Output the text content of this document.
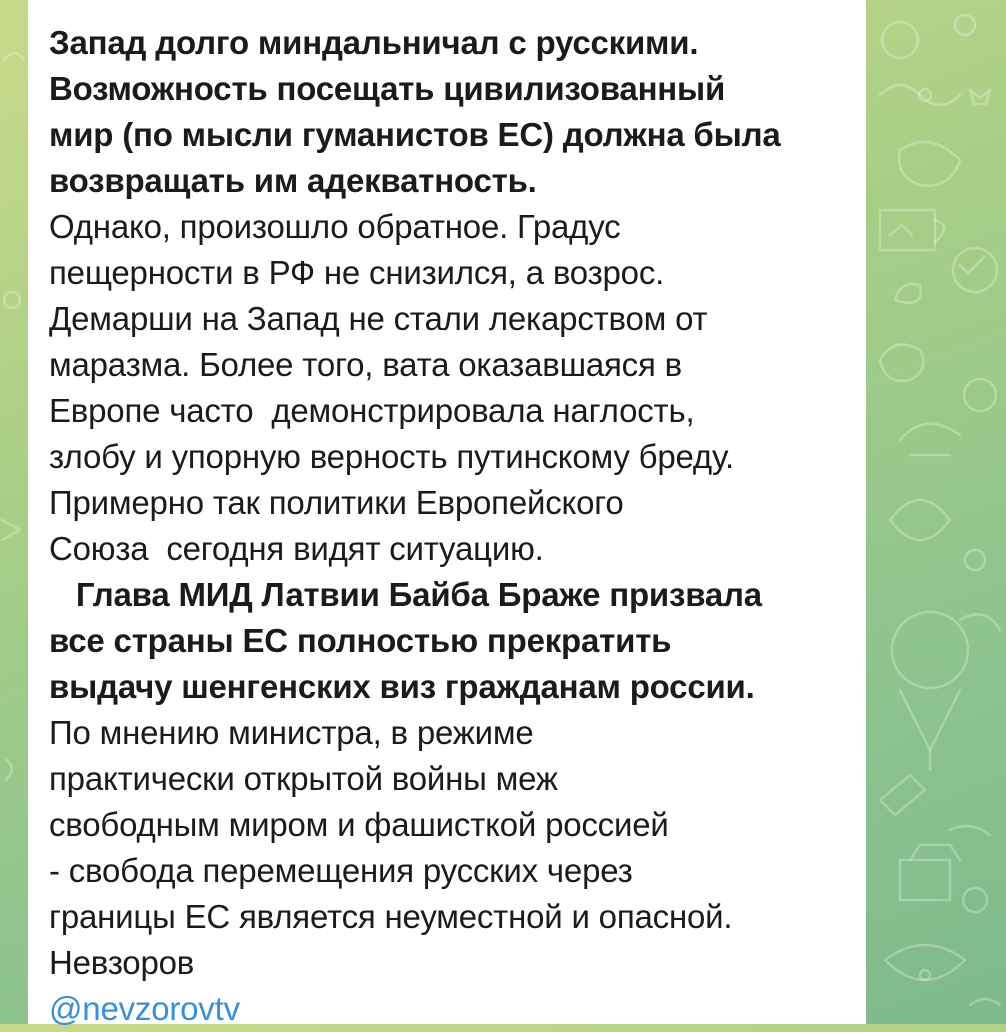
Запад долго миндальничал с русскими.
Возможность посещать цивилизованный
мир (по мысли гуманистов ЕС) должна была
возвращать им адекватность.
Однако, произошло обратное. Градус
пещерности в РФ не снизился, а возрос.
Демарши на Запад не стали лекарством от
маразма. Более того, вата оказавшаяся в
Европе часто  демонстрировала наглость,
злобу и упорную верность путинскому бреду.
Примерно так политики Европейского
Союза  сегодня видят ситуацию.
Глава МИД Латвии Байба Браже призвала
все страны ЕС полностью прекратить
выдачу шенгенских виз гражданам россии.
По мнению министра, в режиме
практически открытой войны меж
свободным миром и фашисткой россией
- свобода перемещения русских через
границы ЕС является неуместной и опасной.
Невзоров
@nevzorovtv
